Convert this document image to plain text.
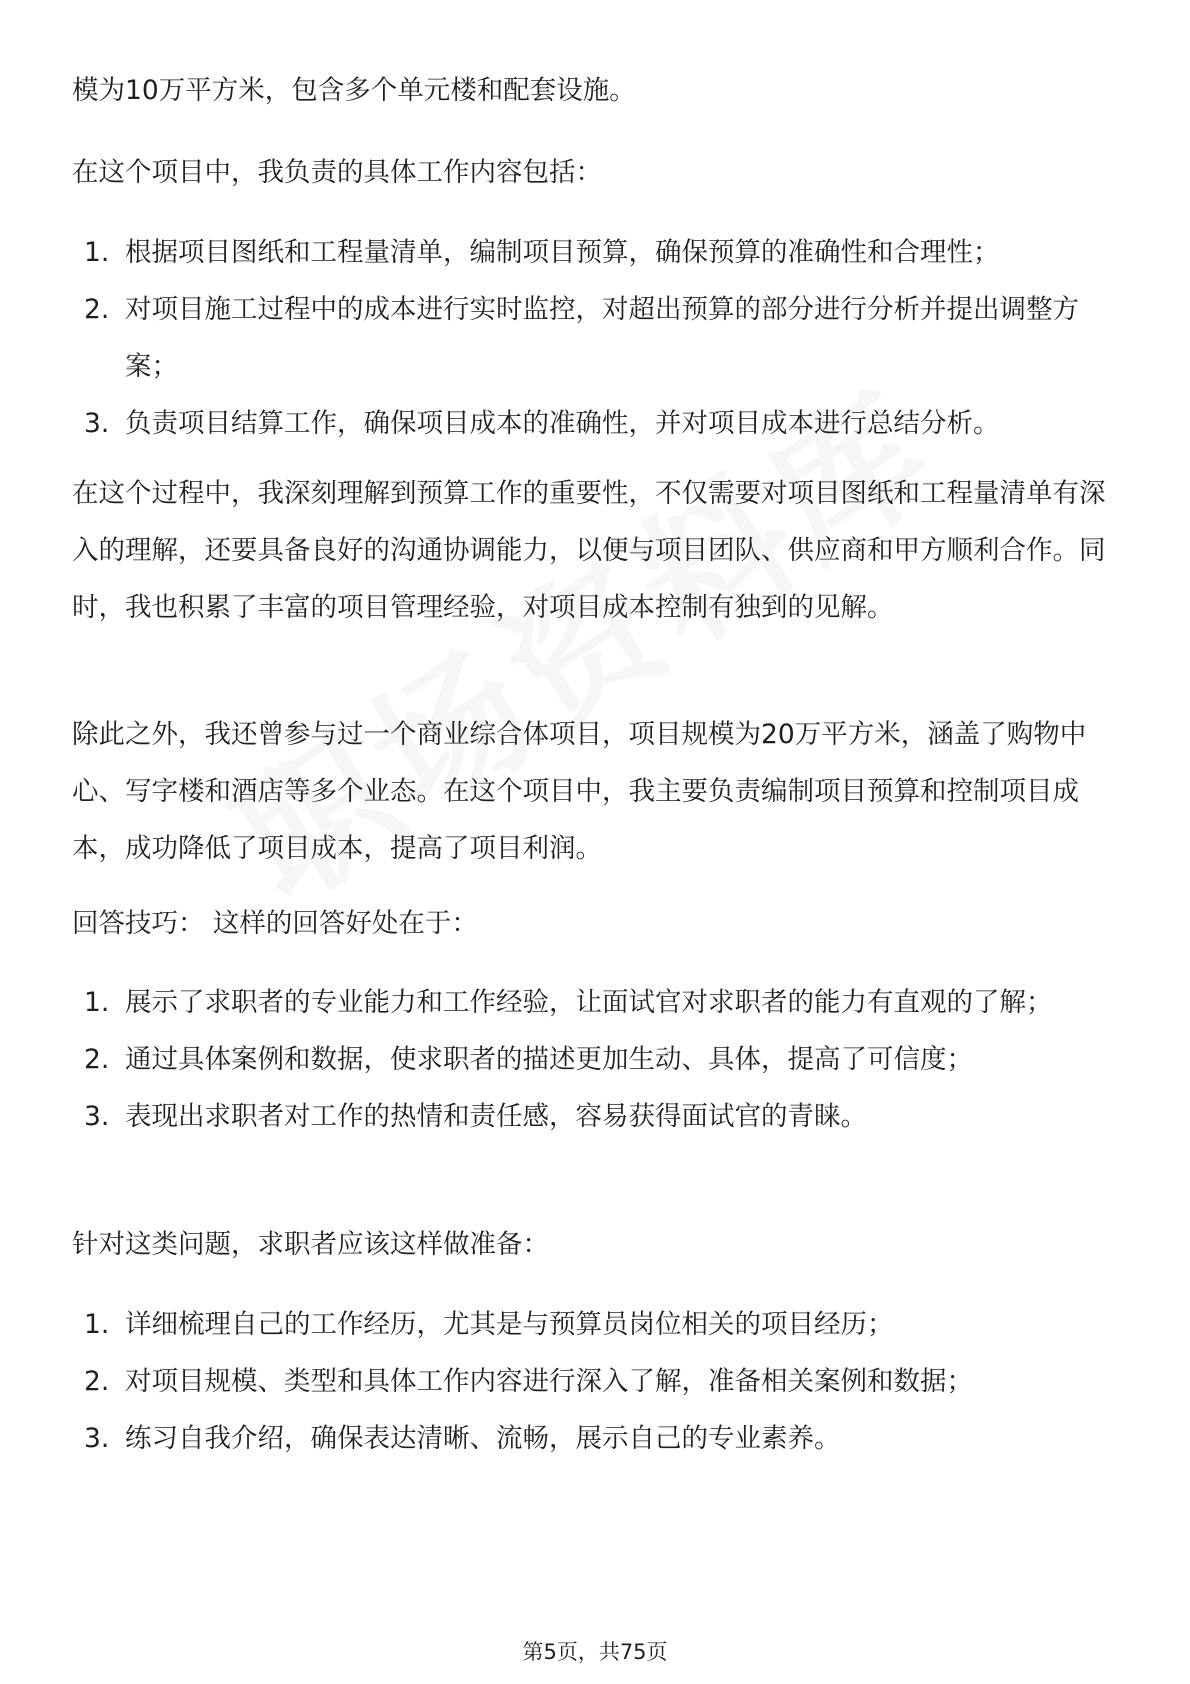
模为10万平方米，包含多个单元楼和配套设施。

在这个项目中，我负责的具体工作内容包括：

1. 根据项目图纸和工程量清单，编制项目预算，确保预算的准确性和合理性；
2. 对项目施工过程中的成本进行实时监控，对超出预算的部分进行分析并提出调整方案；
3. 负责项目结算工作，确保项目成本的准确性，并对项目成本进行总结分析。

在这个过程中，我深刻理解到预算工作的重要性，不仅需要对项目图纸和工程量清单有深入的理解，还要具备良好的沟通协调能力，以便与项目团队、供应商和甲方顺利合作。同时，我也积累了丰富的项目管理经验，对项目成本控制有独到的见解。

除此之外，我还曾参与过一个商业综合体项目，项目规模为20万平方米，涵盖了购物中心、写字楼和酒店等多个业态。在这个项目中，我主要负责编制项目预算和控制项目成本，成功降低了项目成本，提高了项目利润。

回答技巧： 这样的回答好处在于：

1. 展示了求职者的专业能力和工作经验，让面试官对求职者的能力有直观的了解；
2. 通过具体案例和数据，使求职者的描述更加生动、具体，提高了可信度；
3. 表现出求职者对工作的热情和责任感，容易获得面试官的青睐。

针对这类问题，求职者应该这样做准备：

1. 详细梳理自己的工作经历，尤其是与预算员岗位相关的项目经历；
2. 对项目规模、类型和具体工作内容进行深入了解，准备相关案例和数据；
3. 练习自我介绍，确保表达清晰、流畅，展示自己的专业素养。
第5页，共75页
